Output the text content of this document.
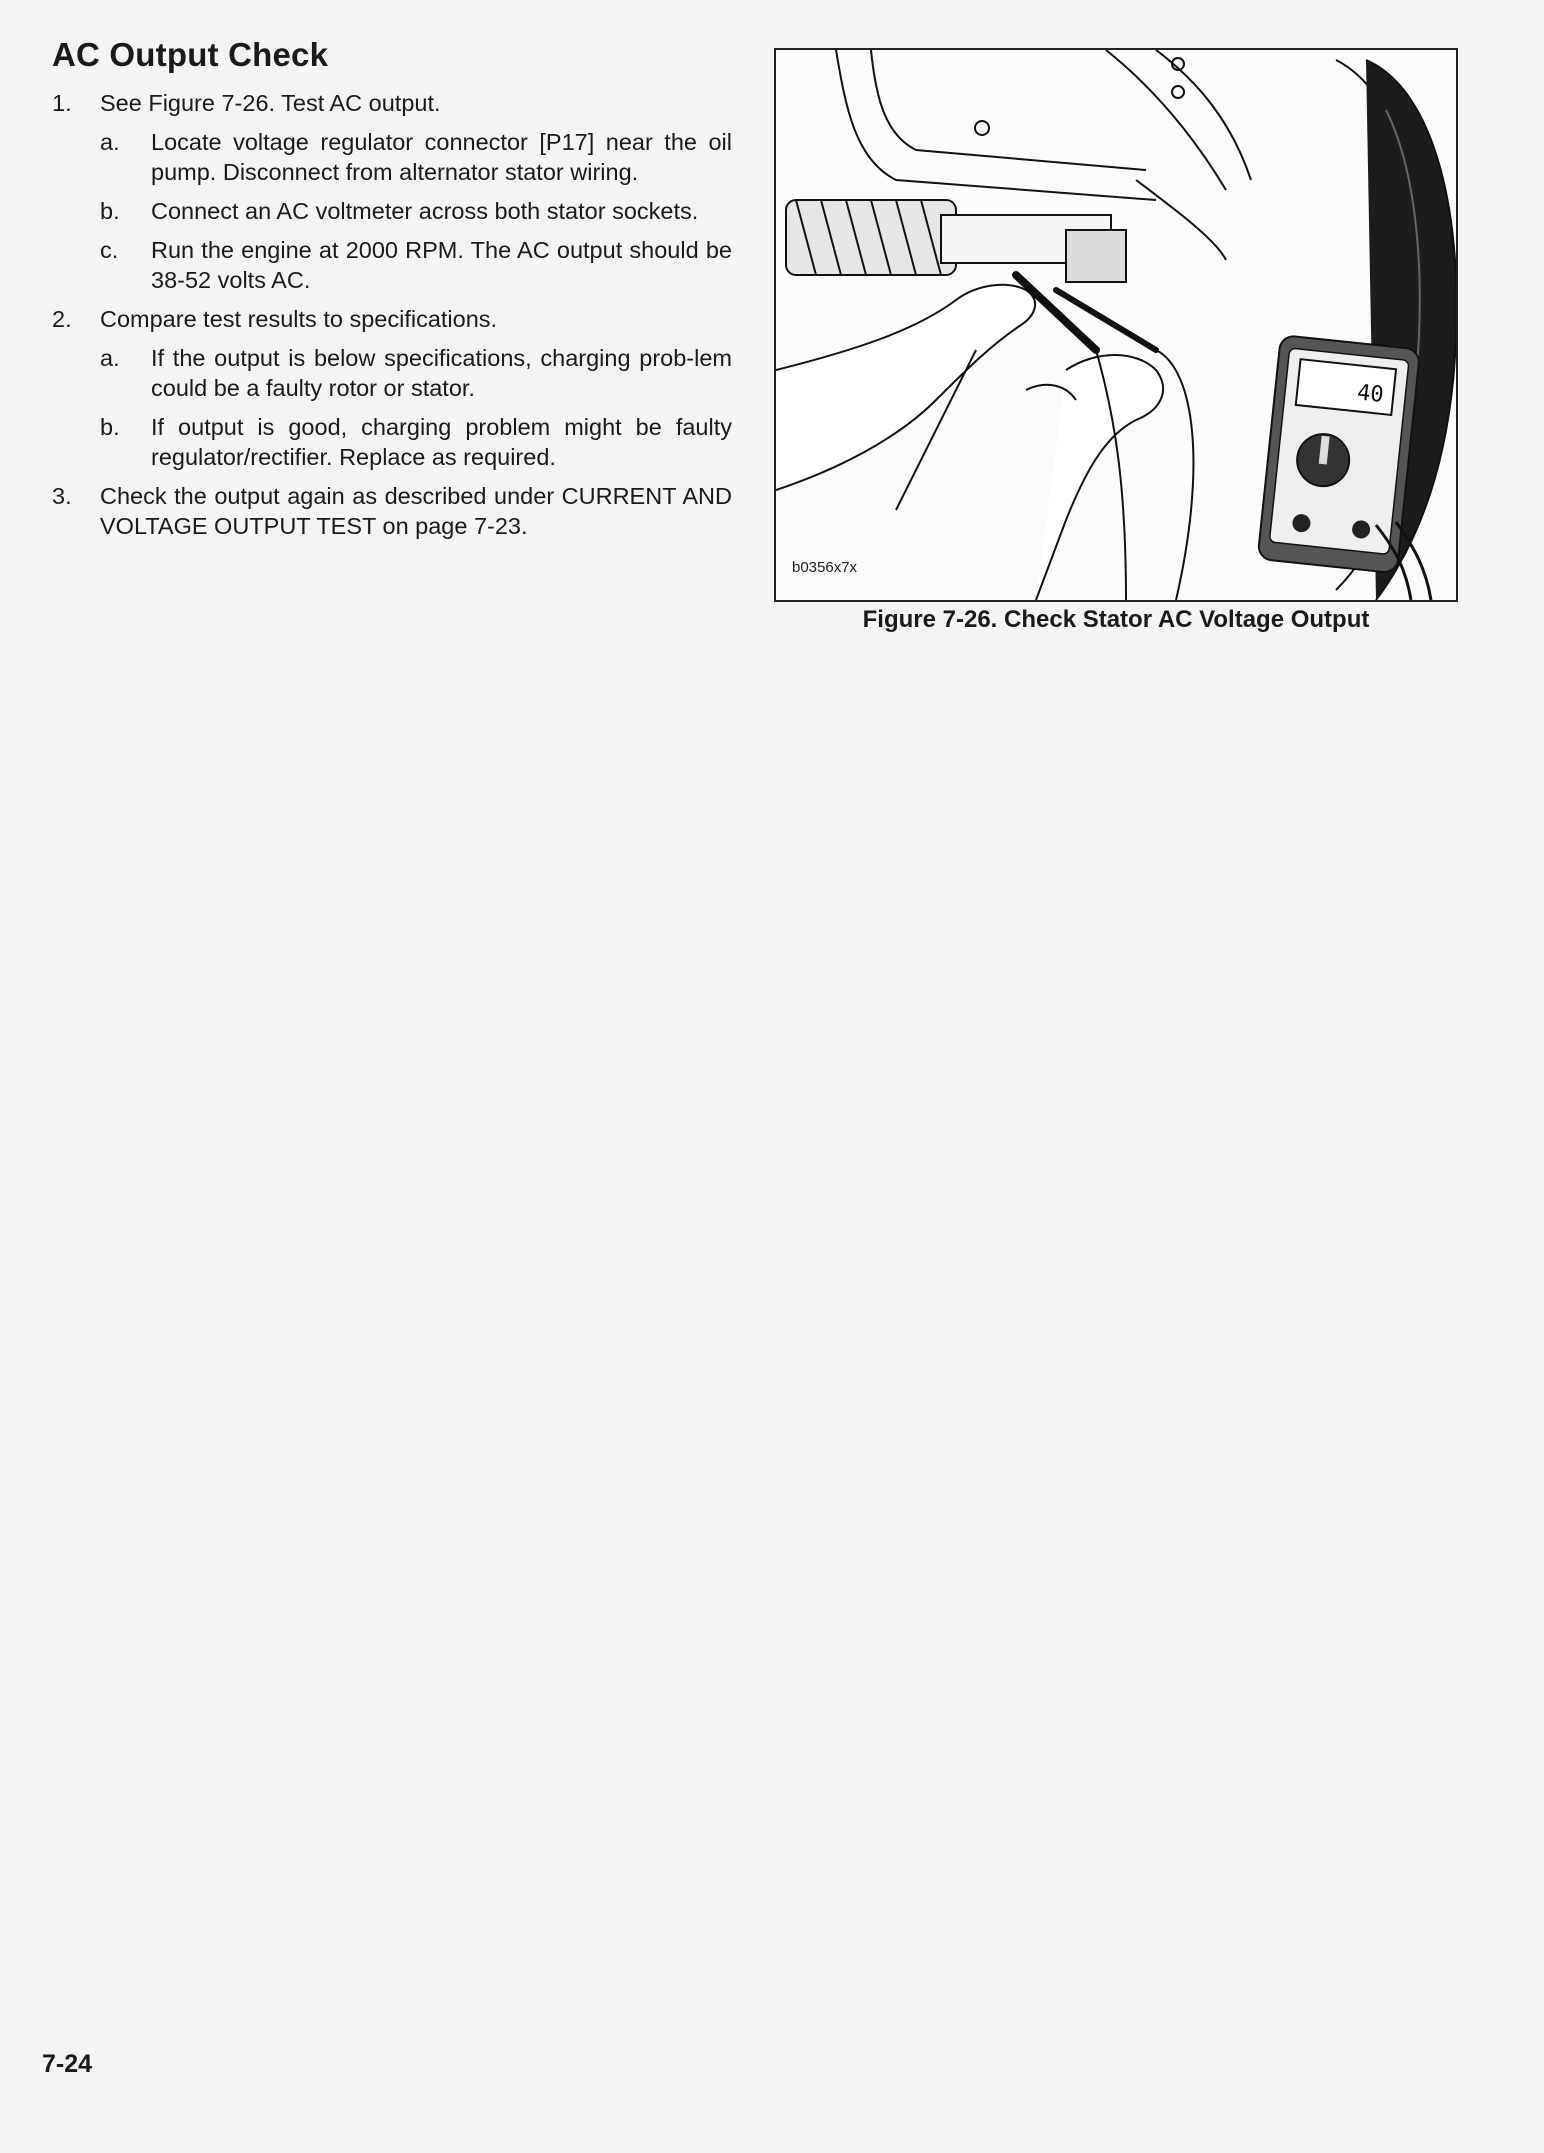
AC Output Check
1. See Figure 7-26. Test AC output.
a. Locate voltage regulator connector [P17] near the oil pump. Disconnect from alternator stator wiring.
b. Connect an AC voltmeter across both stator sockets.
c. Run the engine at 2000 RPM. The AC output should be 38-52 volts AC.
2. Compare test results to specifications.
a. If the output is below specifications, charging prob-lem could be a faulty rotor or stator.
b. If output is good, charging problem might be faulty regulator/rectifier. Replace as required.
3. Check the output again as described under CURRENT AND VOLTAGE OUTPUT TEST on page 7-23.
40
b0356x7x
Figure 7-26. Check Stator AC Voltage Output
7-24
